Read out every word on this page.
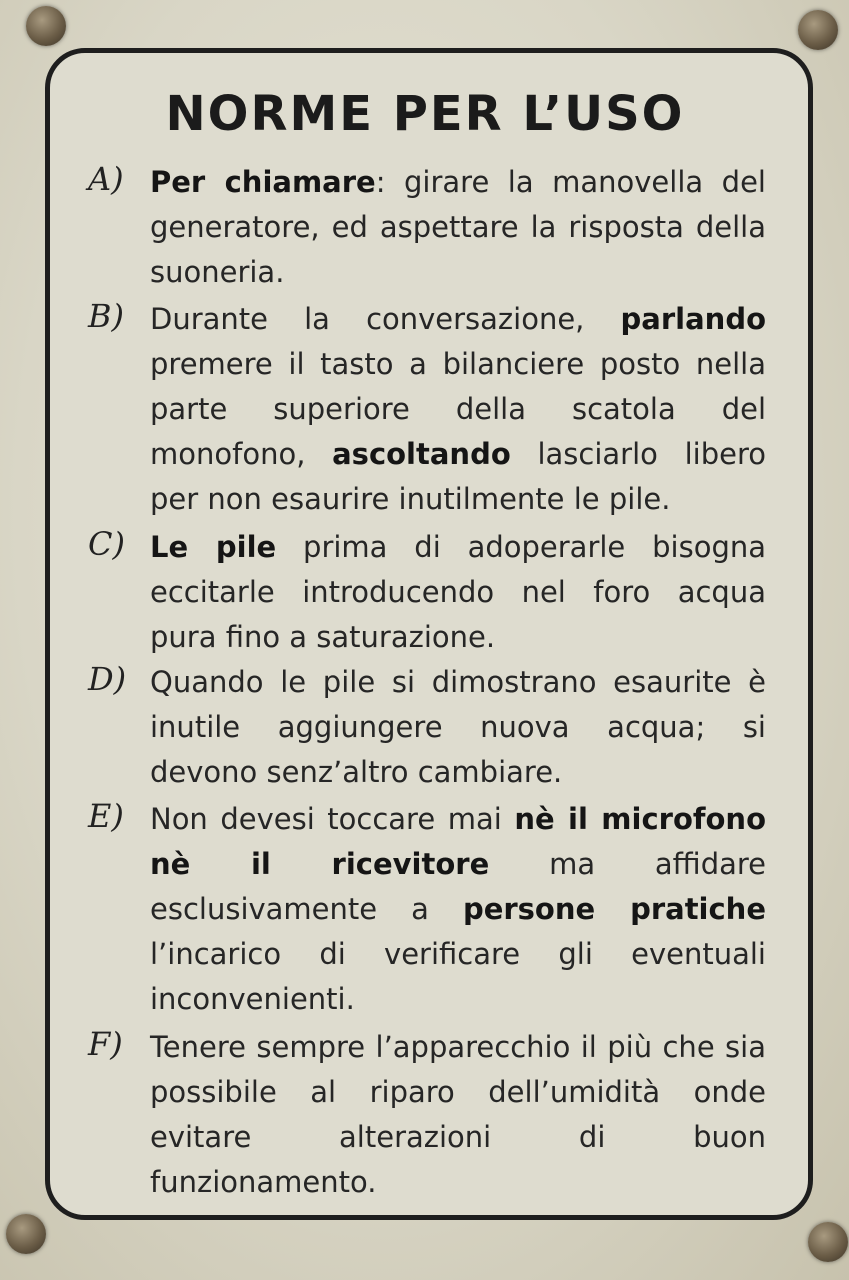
NORME PER L’USO
A) Per chiamare: girare la manovella del generatore, ed aspettare la risposta della suoneria.
B) Durante la conversazione, parlando premere il tasto a bilanciere posto nella parte superiore della scatola del monofono, ascoltando lasciarlo libero per non esaurire inutilmente le pile.
C) Le pile prima di adoperarle bisogna eccitarle introducendo nel foro acqua pura fino a saturazione.
D) Quando le pile si dimostrano esaurite è inutile aggiungere nuova acqua; si devono senz’altro cambiare.
E) Non devesi toccare mai nè il microfono nè il ricevitore ma affidare esclusivamente a persone pratiche l’incarico di verificare gli eventuali inconvenienti.
F) Tenere sempre l’apparecchio il più che sia possibile al riparo dell’umidità onde evitare alterazioni di buon funzionamento.
